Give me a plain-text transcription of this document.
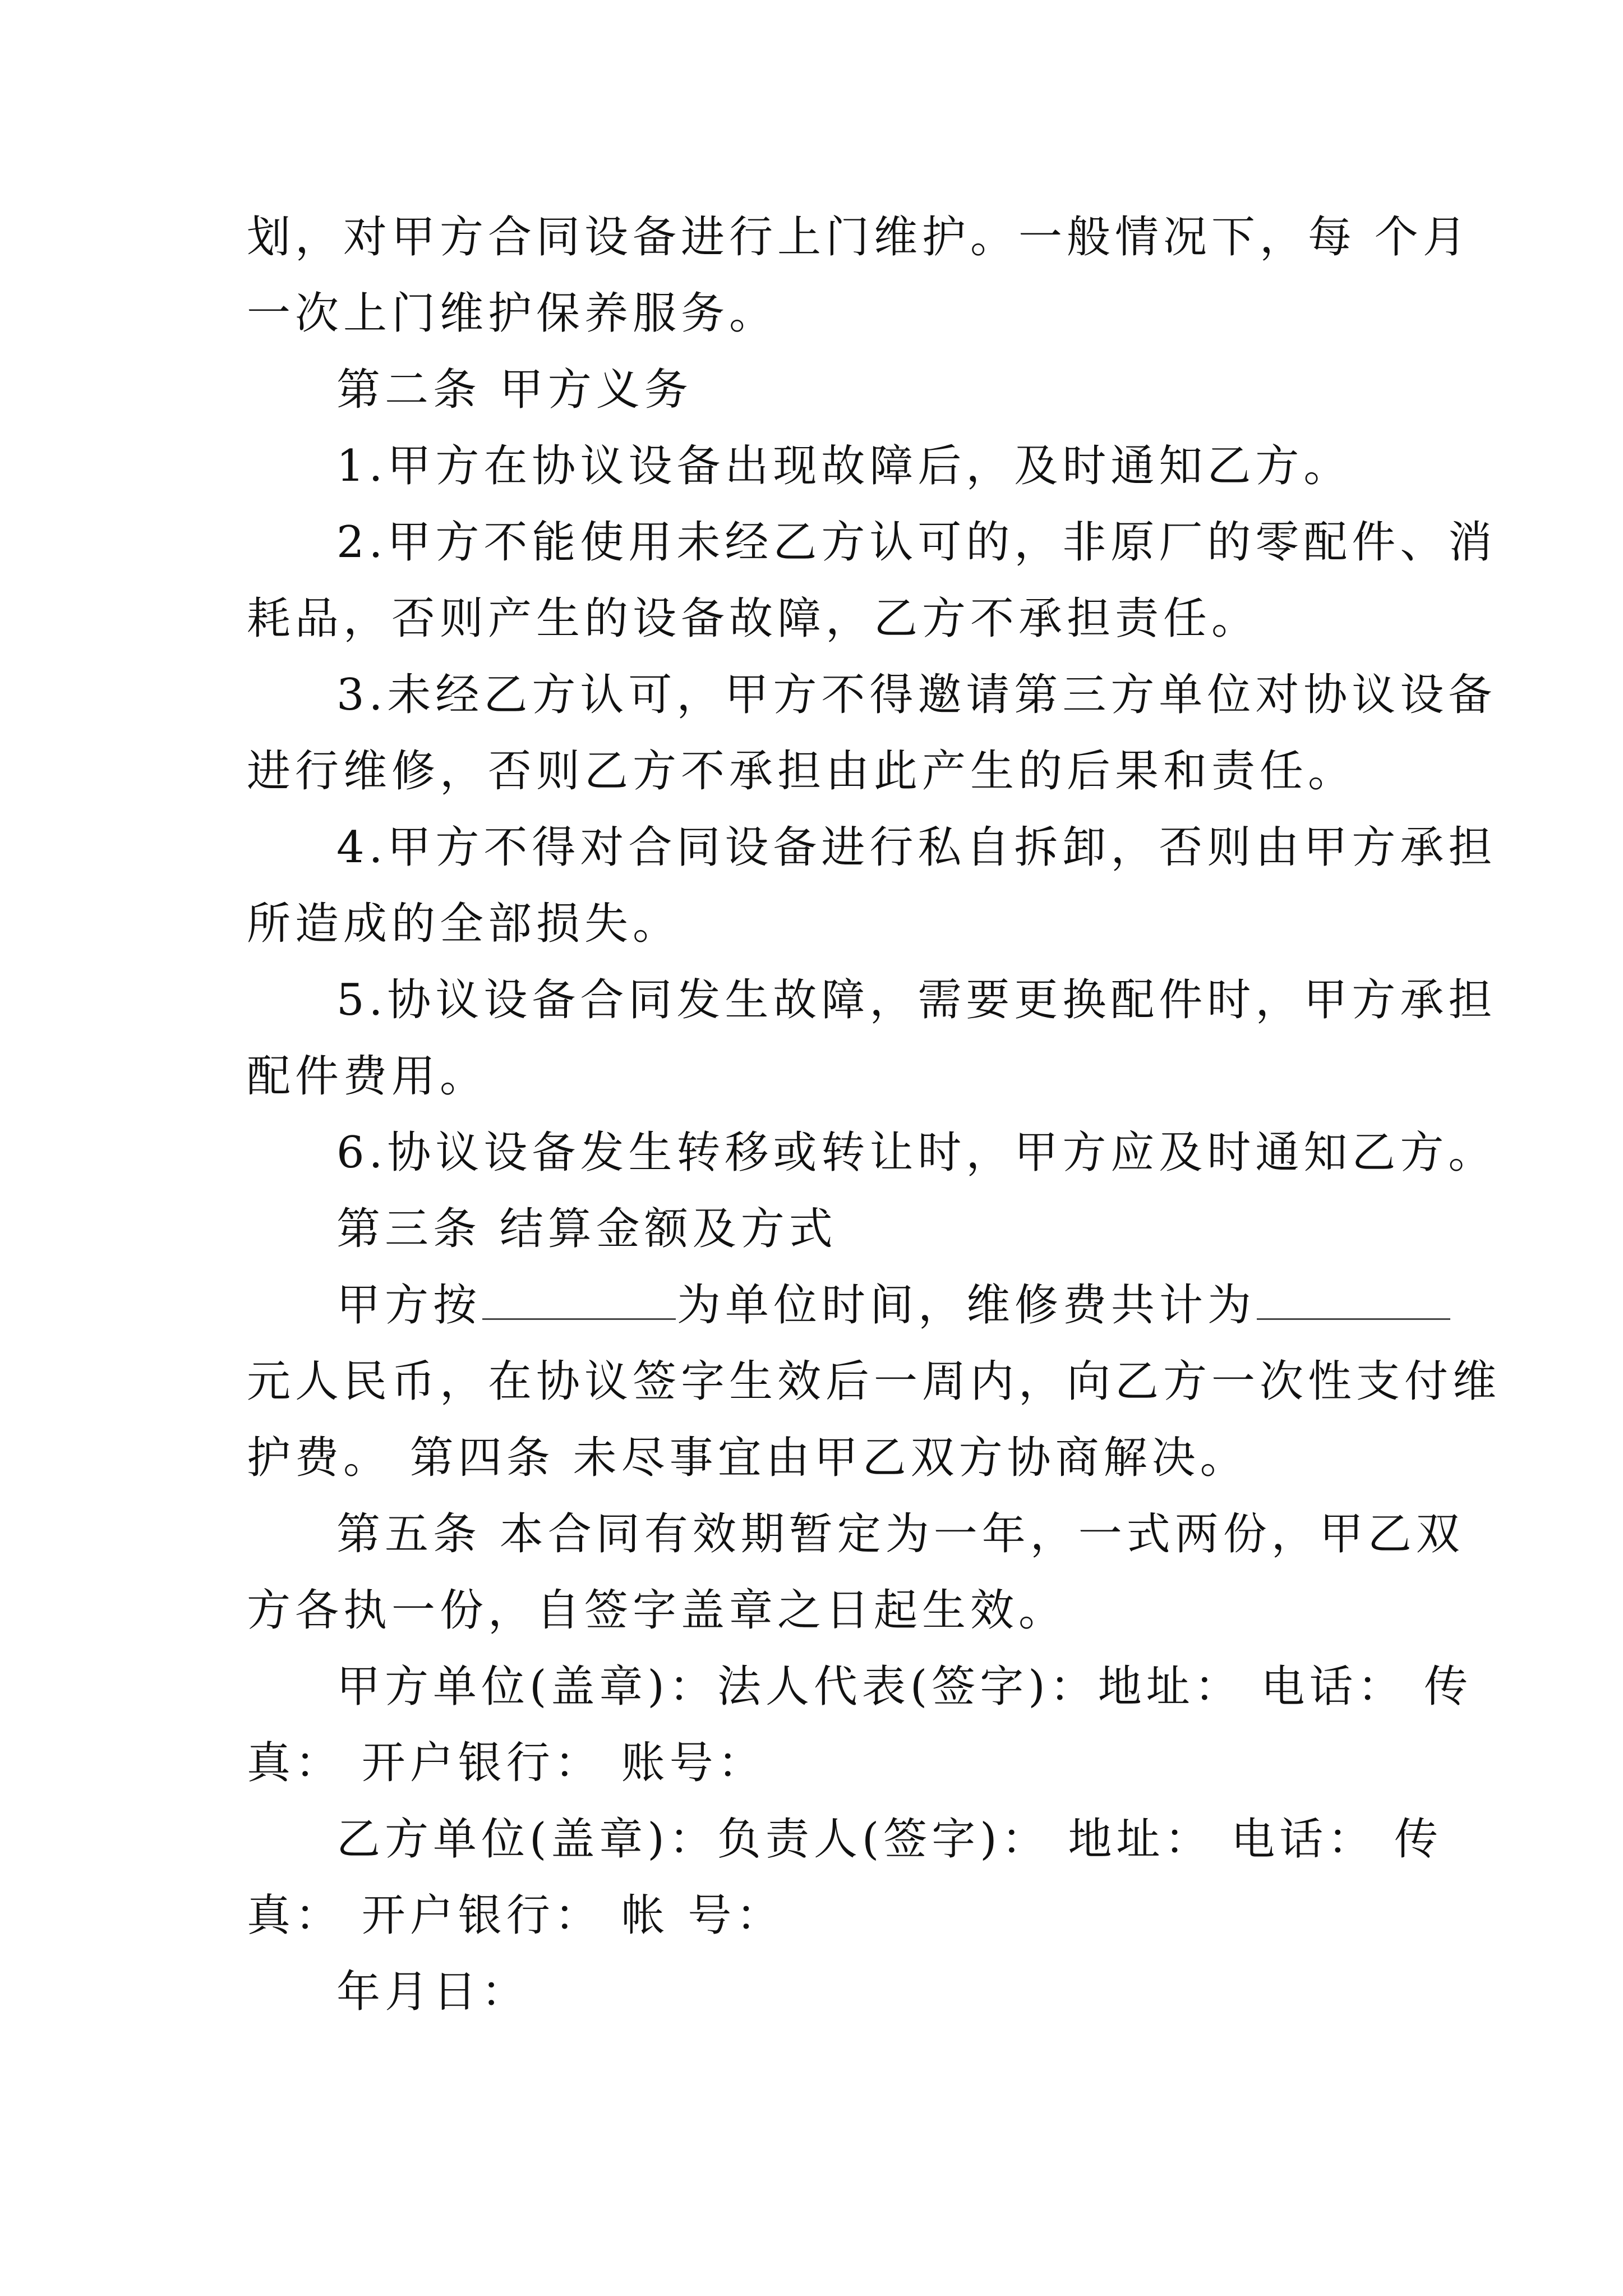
划，对甲方合同设备进行上门维护。一般情况下，每 个月
一次上门维护保养服务。
第二条 甲方义务
1.甲方在协议设备出现故障后，及时通知乙方。
2.甲方不能使用未经乙方认可的，非原厂的零配件、消
耗品，否则产生的设备故障，乙方不承担责任。
3.未经乙方认可，甲方不得邀请第三方单位对协议设备
进行维修，否则乙方不承担由此产生的后果和责任。
4.甲方不得对合同设备进行私自拆卸，否则由甲方承担
所造成的全部损失。
5.协议设备合同发生故障，需要更换配件时，甲方承担
配件费用。
6.协议设备发生转移或转让时，甲方应及时通知乙方。
第三条 结算金额及方式
甲方按	为单位时间，维修费共计为
元人民币，在协议签字生效后一周内，向乙方一次性支付维
护费。 第四条 未尽事宜由甲乙双方协商解决。
第五条 本合同有效期暂定为一年，一式两份，甲乙双
方各执一份，自签字盖章之日起生效。
甲方单位(盖章)：法人代表(签字)：地址： 电话： 传
真： 开户银行： 账号：
乙方单位(盖章)：负责人(签字)： 地址： 电话： 传
真： 开户银行： 帐 号：
年月日：
